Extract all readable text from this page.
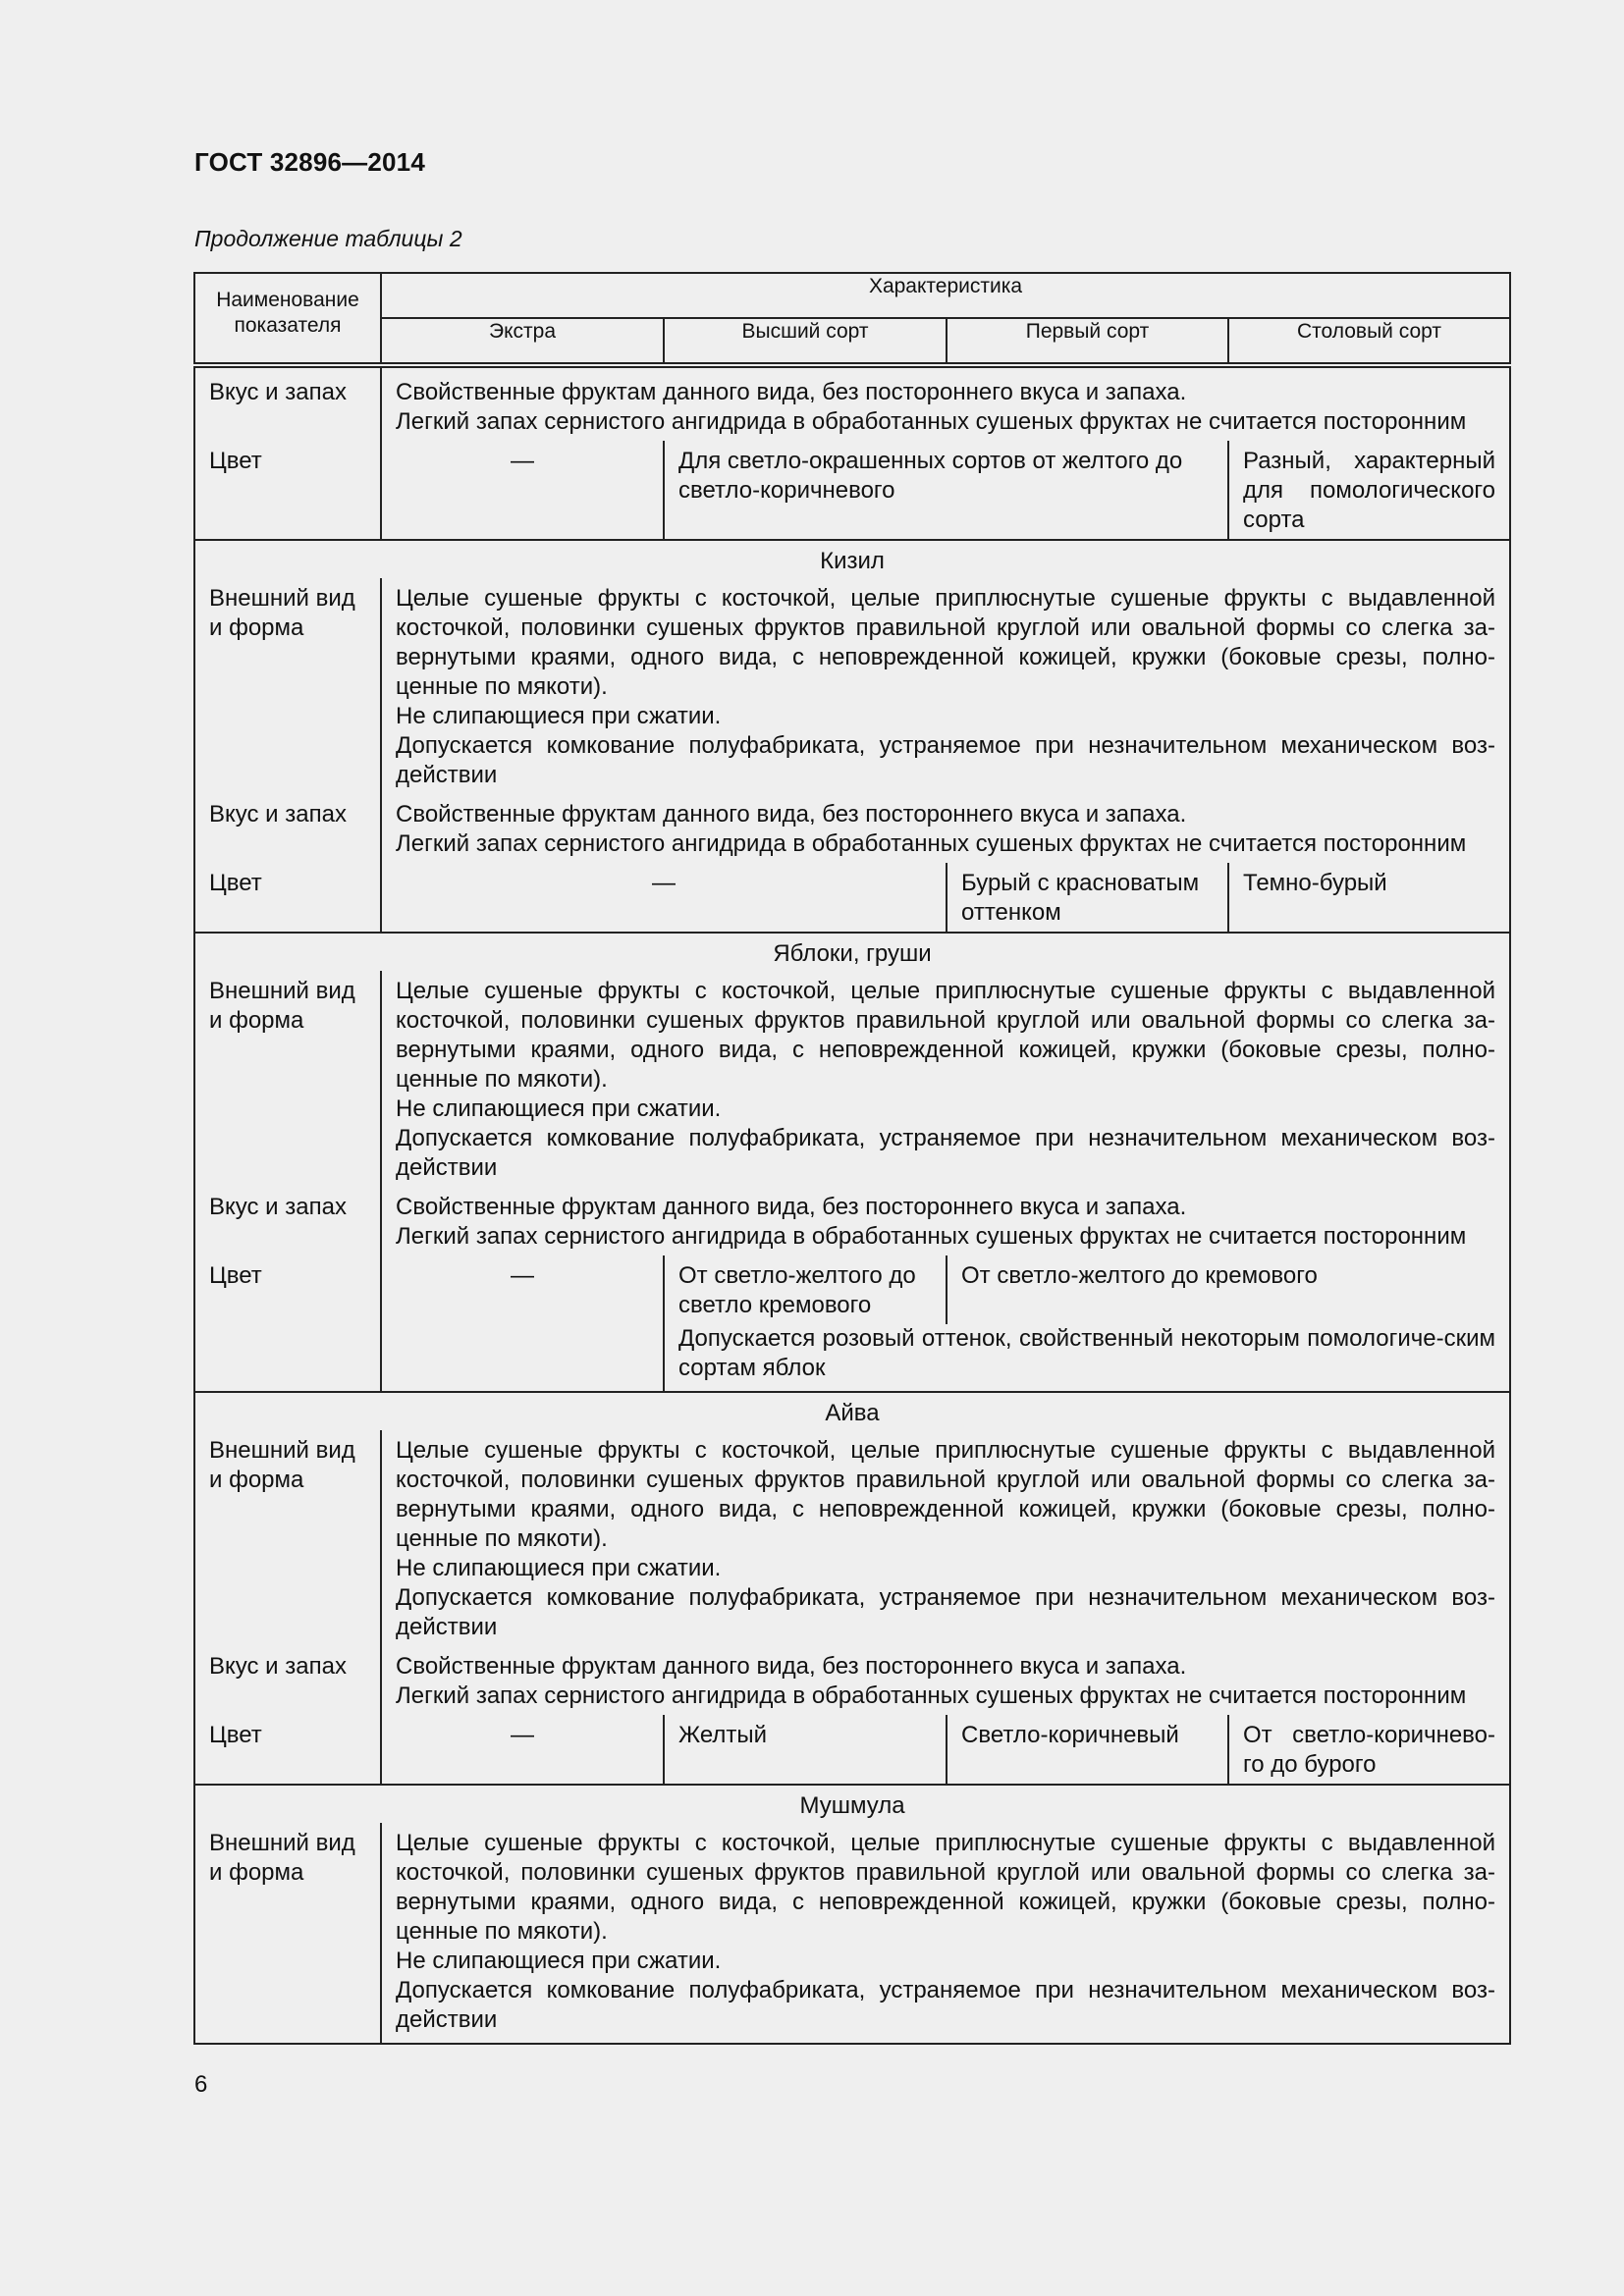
ГОСТ 32896—2014
Продолжение таблицы 2
Наименование показателя	Характеристика			
	Экстра	Высший сорт	Первый сорт	Столовый сорт
Вкус и запах	Свойственные фруктам данного вида, без постороннего вкуса и запаха.
Легкий запах сернистого ангидрида в обработанных сушеных фруктах не считается посторонним			

Цвет	—	Для светло-окрашенных сортов от желтого до светло-коричневого		Разный, характерный для помологического сорта
Кизил				
Внешний вид и форма	Целые сушеные фрукты с косточкой, целые приплюснутые сушеные фрукты с выдавленной косточкой, половинки сушеных фруктов правильной круглой или овальной формы со слегка за-вернутыми краями, одного вида, с неповрежденной кожицей, кружки (боковые срезы, полно-ценные по мякоти).
Не слипающиеся при сжатии.
Допускается комкование полуфабриката, устраняемое при незначительном механическом воз-действии			

Вкус и запах	Свойственные фруктам данного вида, без постороннего вкуса и запаха.
Легкий запах сернистого ангидрида в обработанных сушеных фруктах не считается посторонним			

Цвет	—		Бурый с красноватым оттенком	Темно-бурый
Яблоки, груши				
Внешний вид и форма	Целые сушеные фрукты с косточкой, целые приплюснутые сушеные фрукты с выдавленной косточкой, половинки сушеных фруктов правильной круглой или овальной формы со слегка за-вернутыми краями, одного вида, с неповрежденной кожицей, кружки (боковые срезы, полно-ценные по мякоти).
Не слипающиеся при сжатии.
Допускается комкование полуфабриката, устраняемое при незначительном механическом воз-действии			

Вкус и запах	Свойственные фруктам данного вида, без постороннего вкуса и запаха.
Легкий запах сернистого ангидрида в обработанных сушеных фруктах не считается посторонним			

Цвет	—	От светло-желтого до светло кремового	От светло-желтого до кремового	
		Допускается розовый оттенок, свойственный некоторым помологиче-ским сортам яблок		
Айва				
Внешний вид и форма	Целые сушеные фрукты с косточкой, целые приплюснутые сушеные фрукты с выдавленной косточкой, половинки сушеных фруктов правильной круглой или овальной формы со слегка за-вернутыми краями, одного вида, с неповрежденной кожицей, кружки (боковые срезы, полно-ценные по мякоти).
Не слипающиеся при сжатии.
Допускается комкование полуфабриката, устраняемое при незначительном механическом воз-действии			

Вкус и запах	Свойственные фруктам данного вида, без постороннего вкуса и запаха.
Легкий запах сернистого ангидрида в обработанных сушеных фруктах не считается посторонним			

Цвет	—	Желтый	Светло-коричневый	От светло-коричнево-го до бурого
Мушмула				
Внешний вид и форма	Целые сушеные фрукты с косточкой, целые приплюснутые сушеные фрукты с выдавленной косточкой, половинки сушеных фруктов правильной круглой или овальной формы со слегка за-вернутыми краями, одного вида, с неповрежденной кожицей, кружки (боковые срезы, полно-ценные по мякоти).
Не слипающиеся при сжатии.
Допускается комкование полуфабриката, устраняемое при незначительном механическом воз-действии			
6
